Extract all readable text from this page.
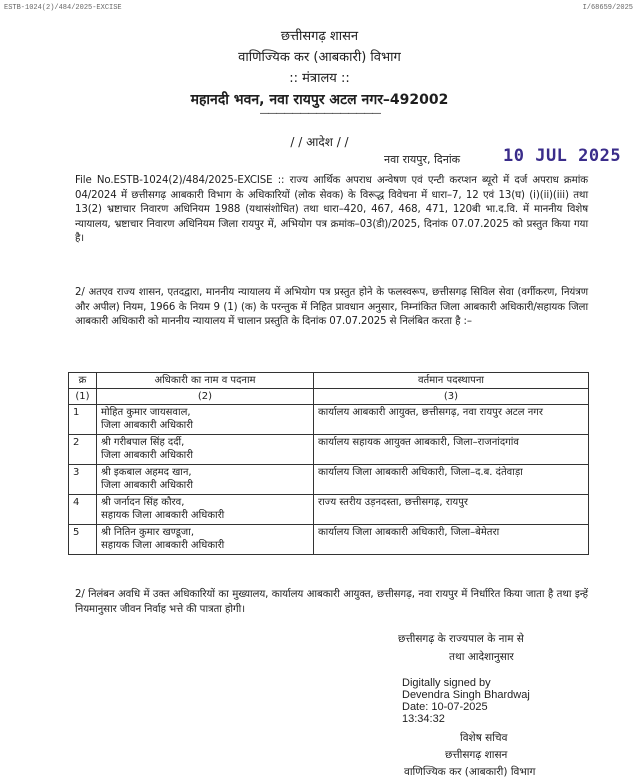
ESTB-1024(2)/484/2025-EXCISE	I/68659/2025
छत्तीसगढ़ शासन
वाणिज्यिक कर (आबकारी) विभाग
:: मंत्रालय ::
महानदी भवन, नवा रायपुर अटल नगर–492002
———————————————
/ / आदेश / /
नवा रायपुर, दिनांक	10 JUL 2025
File No.ESTB-1024(2)/484/2025-EXCISE :: राज्य आर्थिक अपराध अन्वेषण एवं एन्टी करप्शन ब्यूरो में दर्ज अपराध क्रमांक 04/2024 में छत्तीसगढ़ आबकारी विभाग के अधिकारियों (लोक सेवक) के विरूद्ध विवेचना में धारा–7, 12 एवं 13(घ) (i)(ii)(iii) तथा 13(2) भ्रष्टाचार निवारण अधिनियम 1988 (यथासंशोधित) तथा धारा–420, 467, 468, 471, 120बी भा.द.वि. में माननीय विशेष न्यायालय, भ्रष्टाचार निवारण अधिनियम जिला रायपुर में, अभियोग पत्र क्रमांक–03(डी)/2025, दिनांक 07.07.2025 को प्रस्तुत किया गया है।
2/ अतएव राज्य शासन, एतदद्वारा, माननीय न्यायालय में अभियोग पत्र प्रस्तुत होने के फलस्वरूप, छत्तीसगढ़ सिविल सेवा (वर्गीकरण, नियंत्रण और अपील) नियम, 1966 के नियम 9 (1) (क) के परन्तुक में निहित प्रावधान अनुसार, निम्नांकित जिला आबकारी अधिकारी/सहायक जिला आबकारी अधिकारी को माननीय न्यायालय में चालान प्रस्तुति के दिनांक 07.07.2025 से निलंबित करता है :–
क्र	अधिकारी का नाम व पदनाम	वर्तमान पदस्थापना
(1)	(2)	(3)
1	मोहित कुमार जायसवाल,
जिला आबकारी अधिकारी	कार्यालय आबकारी आयुक्त, छत्तीसगढ़, नवा रायपुर अटल नगर
2	श्री गरीबपाल सिंह दर्दी,
जिला आबकारी अधिकारी	कार्यालय सहायक आयुक्त आबकारी, जिला–राजनांदगांव
3	श्री इकबाल अहमद खान,
जिला आबकारी अधिकारी	कार्यालय जिला आबकारी अधिकारी, जिला–द.ब. दंतेवाड़ा
4	श्री जर्नादन सिंह कौरव,
सहायक जिला आबकारी अधिकारी	राज्य स्तरीय उड़नदस्ता, छत्तीसगढ़, रायपुर
5	श्री नितिन कुमार खण्डूजा,
सहायक जिला आबकारी अधिकारी	कार्यालय जिला आबकारी अधिकारी, जिला–बेमेतरा
2/ निलंबन अवधि में उक्त अधिकारियों का मुख्यालय, कार्यालय आबकारी आयुक्त, छत्तीसगढ़, नवा रायपुर में निर्धारित किया जाता है तथा इन्हें नियमानुसार जीवन निर्वाह भत्ते की पात्रता होगी।
छत्तीसगढ़ के राज्यपाल के नाम से
तथा आदेशानुसार
Digitally signed by
Devendra Singh Bhardwaj
Date: 10-07-2025
13:34:32
विशेष सचिव
छत्तीसगढ़ शासन
वाणिज्यिक कर (आबकारी) विभाग
